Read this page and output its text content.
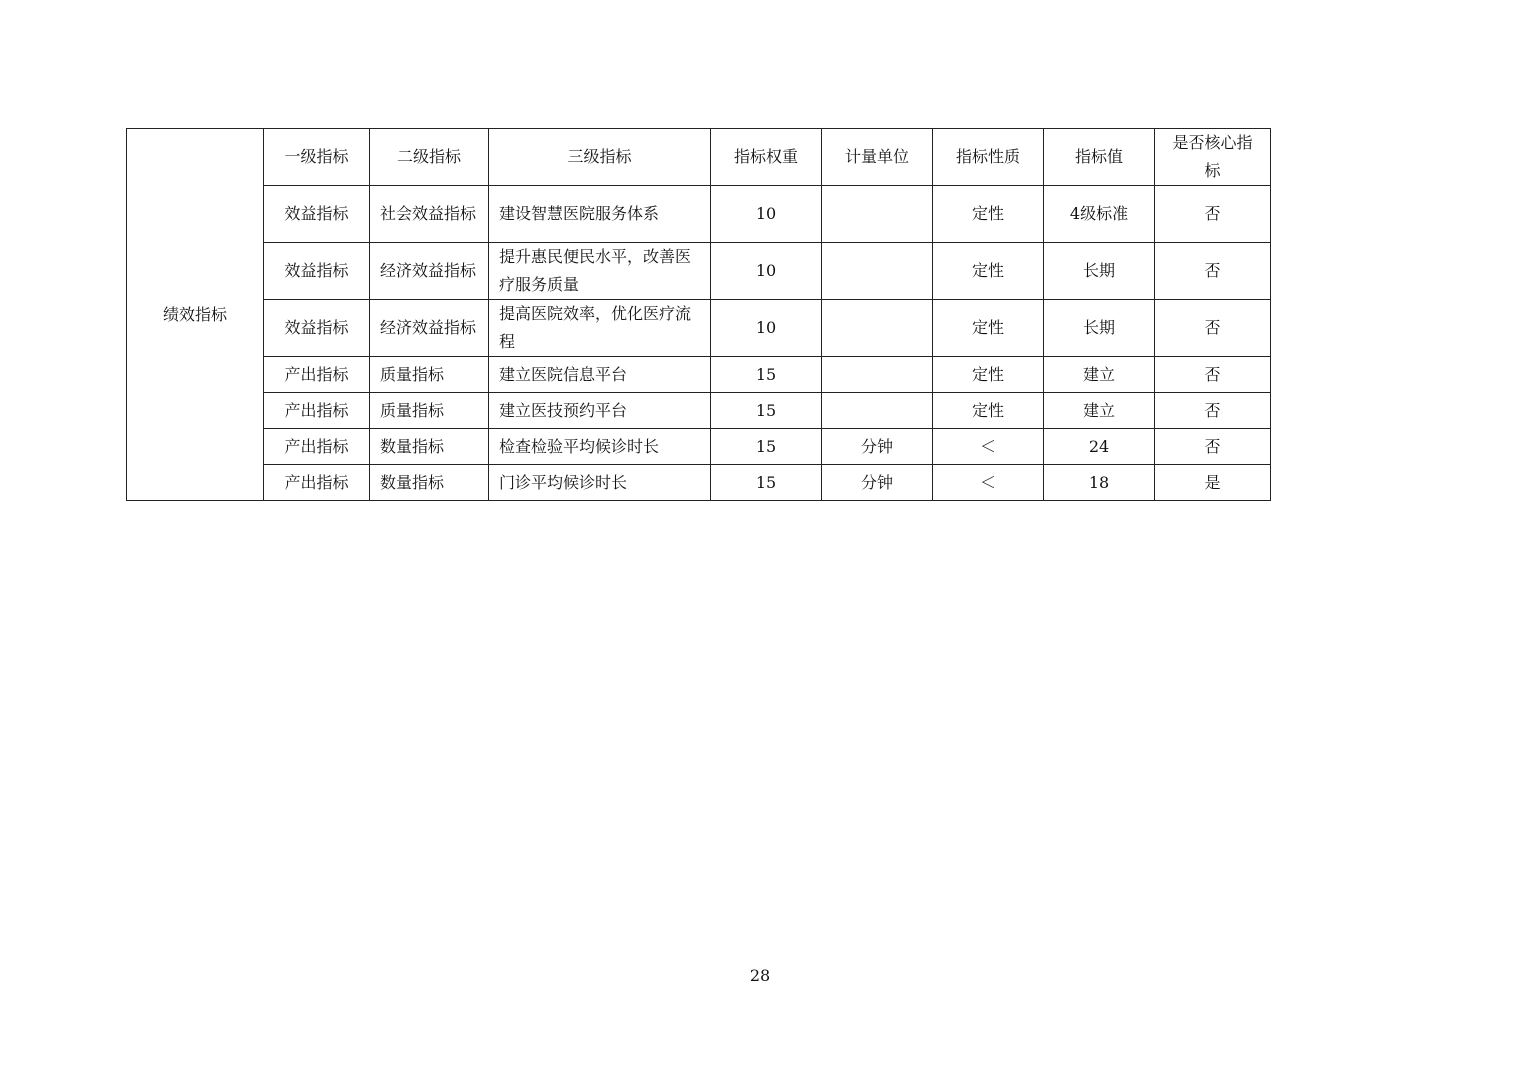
绩效指标	一级指标	二级指标	三级指标	指标权重	计量单位	指标性质	指标值	是否核心指标
	效益指标	社会效益指标	建设智慧医院服务体系	10		定性	4级标准	否
	效益指标	经济效益指标	提升惠民便民水平，改善医疗服务质量	10		定性	长期	否
	效益指标	经济效益指标	提高医院效率，优化医疗流程	10		定性	长期	否
	产出指标	质量指标	建立医院信息平台	15		定性	建立	否
	产出指标	质量指标	建立医技预约平台	15		定性	建立	否
	产出指标	数量指标	检查检验平均候诊时长	15	分钟	＜	24	否
	产出指标	数量指标	门诊平均候诊时长	15	分钟	＜	18	是
28
